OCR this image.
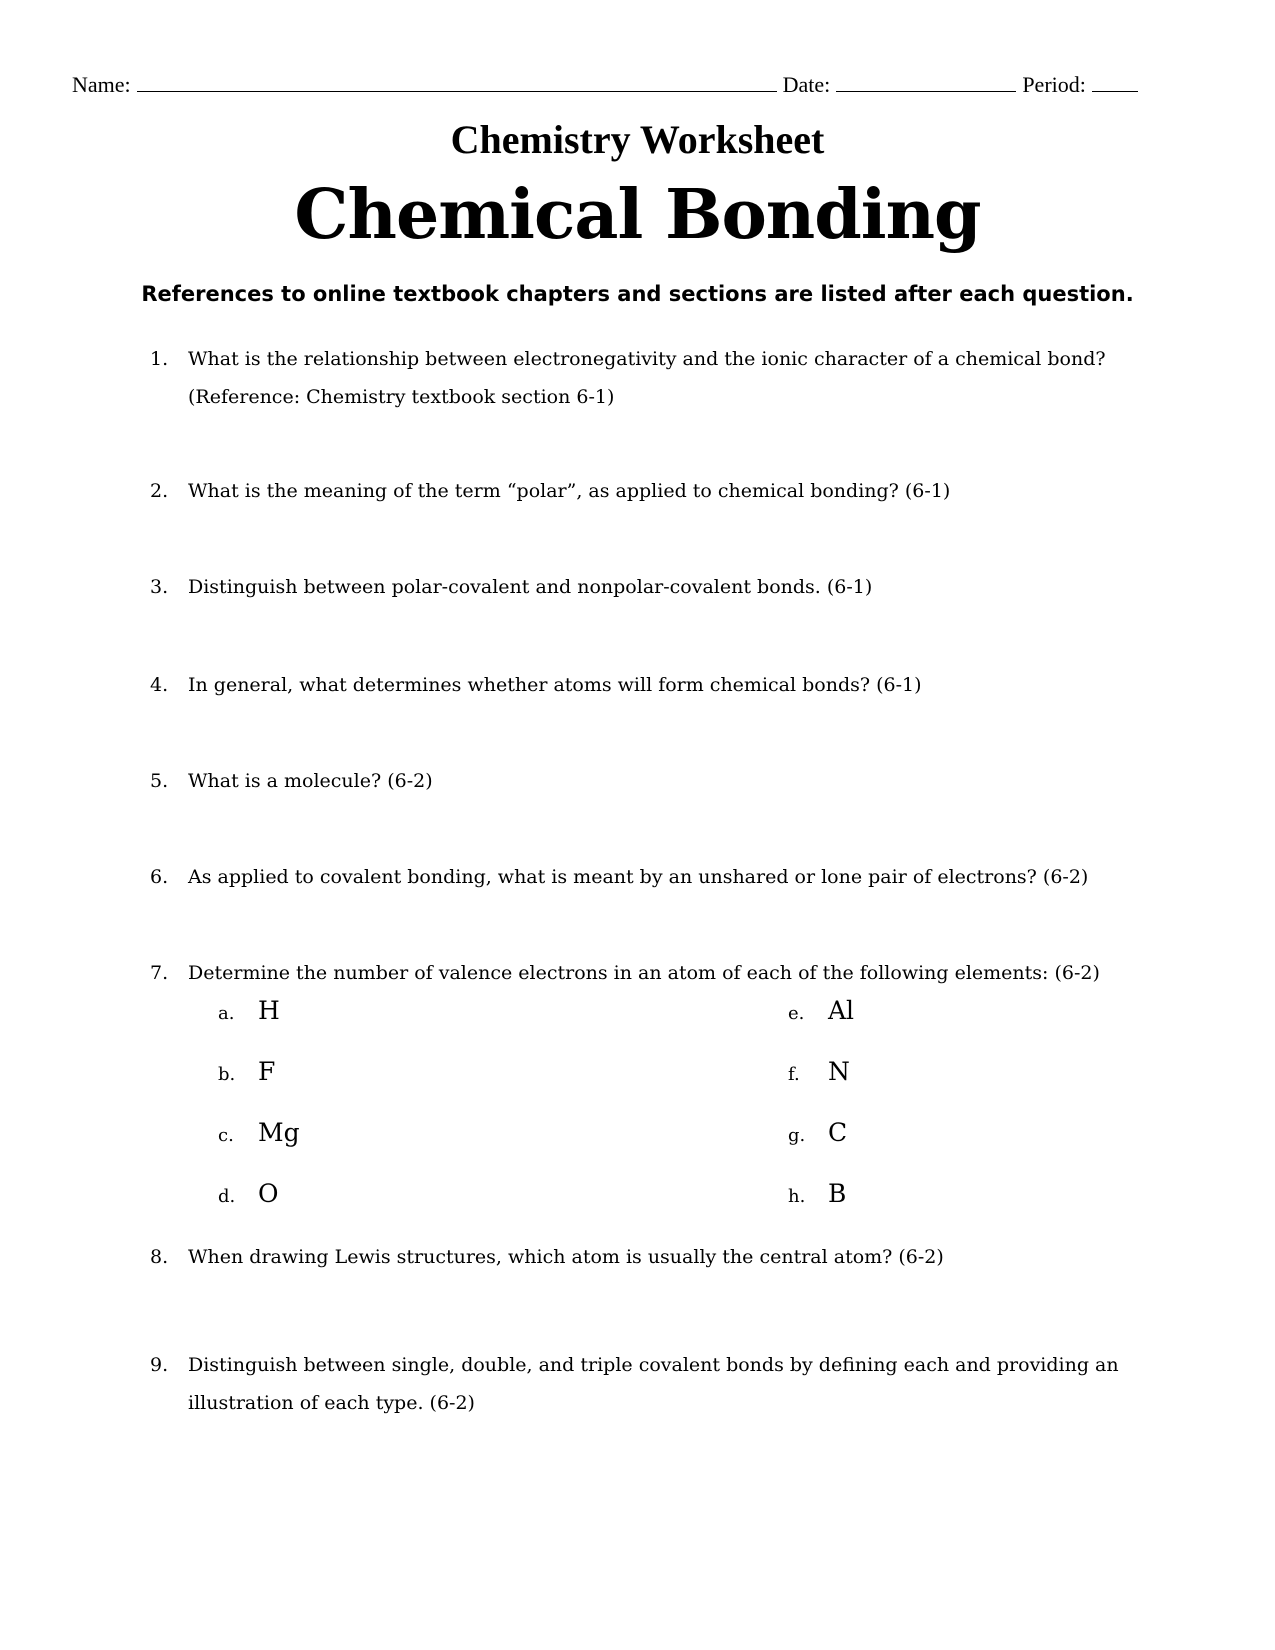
Name:	Date:	Period:
Chemistry Worksheet
Chemical Bonding

References to online textbook chapters and sections are listed after each question.

1.	What is the relationship between electronegativity and the ionic character of a chemical bond? (Reference: Chemistry textbook section 6-1)
2.	What is the meaning of the term “polar”, as applied to chemical bonding? (6-1)
3.	Distinguish between polar-covalent and nonpolar-covalent bonds. (6-1)
4.	In general, what determines whether atoms will form chemical bonds? (6-1)
5.	What is a molecule? (6-2)
6.	As applied to covalent bonding, what is meant by an unshared or lone pair of electrons? (6-2)
7.	Determine the number of valence electrons in an atom of each of the following elements: (6-2)
a. H
b. F
c. Mg
d. O
e. Al
f. N
g. C
h. B
8.	When drawing Lewis structures, which atom is usually the central atom? (6-2)
9.	Distinguish between single, double, and triple covalent bonds by defining each and providing an illustration of each type. (6-2)
